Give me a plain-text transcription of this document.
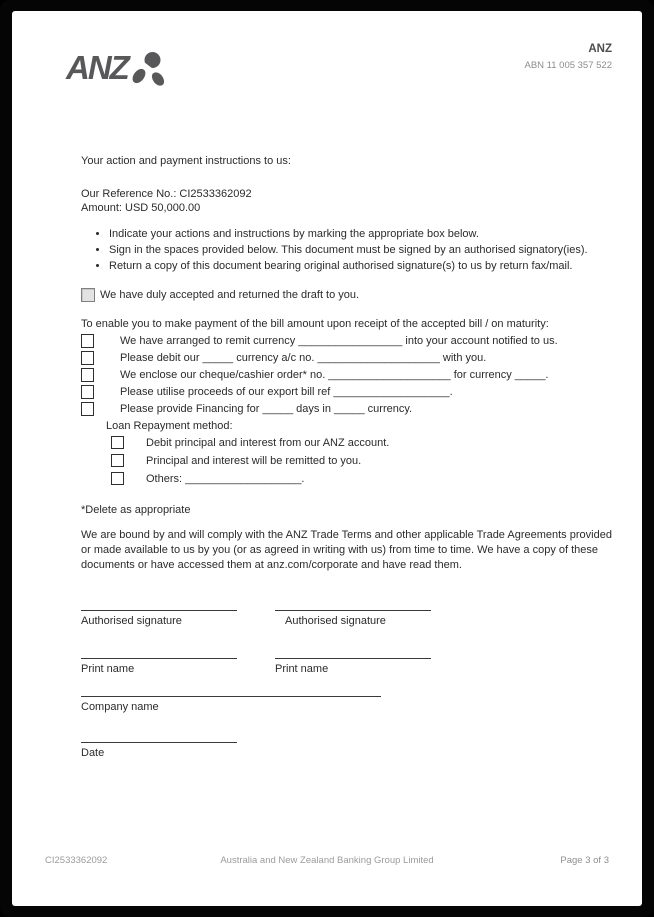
ANZ	ANZ
ABN 11 005 357 522

Your action and payment instructions to us:

Our Reference No.: CI2533362092
Amount: USD 50,000.00
• Indicate your actions and instructions by marking the appropriate box below.
• Sign in the spaces provided below. This document must be signed by an authorised signatory(ies).
• Return a copy of this document bearing original authorised signature(s) to us by return fax/mail.
We have duly accepted and returned the draft to you.

To enable you to make payment of the bill amount upon receipt of the accepted bill / on maturity:

We have arranged to remit currency _________________ into your account notified to us.
Please debit our _____ currency a/c no. ____________________ with you.
We enclose our cheque/cashier order* no. ____________________ for currency _____.
Please utilise proceeds of our export bill ref ___________________.
Please provide Financing for _____ days in _____ currency.

Loan Repayment method:

Debit principal and interest from our ANZ account.
Principal and interest will be remitted to you.
Others: ___________________.

*Delete as appropriate

We are bound by and will comply with the ANZ Trade Terms and other applicable Trade Agreements provided or made available to us by you (or as agreed in writing with us) from time to time. We have a copy of these documents or have accessed them at anz.com/corporate and have read them.

Authorised signature	Authorised signature
Print name	Print name
Company name
Date
CI2533362092	Australia and New Zealand Banking Group Limited	Page 3 of 3
